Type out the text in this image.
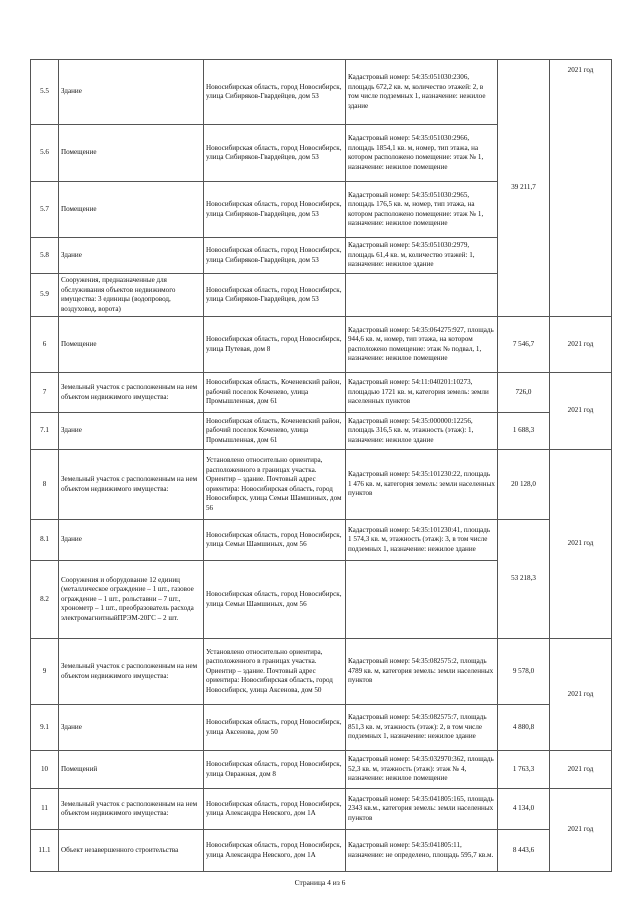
5.5	Здание	Новосибирская область, город Новосибирск, улица Сибиряков-Гвардейцев, дом 53	Кадастровый номер: 54:35:051030:2306, площадь 672,2 кв. м, количество этажей: 2, в том числе подземных 1, назначение: нежилое здание	39 211,7	2021 год
5.6	Помещение	Новосибирская область, город Новосибирск, улица Сибиряков-Гвардейцев, дом 53	Кадастровый номер: 54:35:051030:2966, площадь 1854,1 кв. м, номер, тип этажа, на котором расположено помещение: этаж № 1, назначение: нежилое помещение		
5.7	Помещение	Новосибирская область, город Новосибирск, улица Сибиряков-Гвардейцев, дом 53	Кадастровый номер: 54:35:051030:2965, площадь 176,5 кв. м, номер, тип этажа, на котором расположено помещение: этаж № 1, назначение: нежилое помещение		
5.8	Здание	Новосибирская область, город Новосибирск, улица Сибиряков-Гвардейцев, дом 53	Кадастровый номер: 54:35:051030:2979, площадь 61,4 кв. м, количество этажей: 1, назначение: нежилое здание		
5.9	Сооружения, предназначенные для обслуживания объектов недвижимого имущества: 3 единицы (водопровод, воздуховод, ворота)	Новосибирская область, город Новосибирск, улица Сибиряков-Гвардейцев, дом 53			
6	Помещение	Новосибирская область, город Новосибирск, улица Путевая, дом 8	Кадастровый номер: 54:35:064275:927, площадь 944,6 кв. м, номер, тип этажа, на котором расположено помещение: этаж № подвал, 1, назначение: нежилое помещение	7 546,7	2021 год
7	Земельный участок с расположенным на нем объектом недвижимого имущества:	Новосибирская область, Коченевский район, рабочий поселок Коченево, улица Промышленная, дом 61	Кадастровый номер: 54:11:040201:10273, площадью 1721 кв. м, категория земель: земли населенных пунктов	726,0	2021 год
7.1	Здание	Новосибирская область, Коченевский район, рабочий поселок Коченево, улица Промышленная, дом 61	Кадастровый номер: 54:35:000000:12256, площадь 316,5 кв. м, этажность (этаж): 1, назначение: нежилое здание	1 688,3	
8	Земельный участок с расположенным на нем объектом недвижимого имущества:	Установлено относительно ориентира, расположенного в границах участка. Ориентир – здание. Почтовый адрес ориентира: Новосибирская область, город Новосибирск, улица Семьи Шамшиных, дом 56	Кадастровый номер: 54:35:101230:22, площадь 1 476 кв. м, категория земель: земли населенных пунктов	20 128,0	2021 год
8.1	Здание	Новосибирская область, город Новосибирск, улица Семьи Шамшиных, дом 56	Кадастровый номер: 54:35:101230:41, площадь 1 574,3 кв. м, этажность (этаж): 3, в том числе подземных 1, назначение: нежилое здание	53 218,3	
8.2	Сооружения и оборудование 12 единиц (металлическое ограждение – 1 шт., газовое ограждение – 1 шт., рольставни – 7 шт., хронометр – 1 шт., преобразователь расхода электромагнитныйПРЭМ-20ГС – 2 шт.	Новосибирская область, город Новосибирск, улица Семьи Шамшиных, дом 56			
9	Земельный участок с расположенным на нем объектом недвижимого имущества:	Установлено относительно ориентира, расположенного в границах участка. Ориентир – здание. Почтовый адрес ориентира: Новосибирская область, город Новосибирск, улица Аксенова, дом 50	Кадастровый номер: 54:35:082575:2, площадь 4789 кв. м, категория земель: земли населенных пунктов	9 578,0	2021 год
9.1	Здание	Новосибирская область, город Новосибирск, улица Аксенова, дом 50	Кадастровый номер: 54:35:082575:7, площадь 851,3 кв. м, этажность (этаж): 2, в том числе подземных 1, назначение: нежилое здание	4 880,8	
10	Помещений	Новосибирская область, город Новосибирск, улица Овражная, дом 8	Кадастровый номер: 54:35:032970:362, площадь 52,3 кв. м, этажность (этаж): этаж № 4, назначение: нежилое помещение	1 763,3	2021 год
11	Земельный участок с расположенным на нем объектом недвижимого имущества:	Новосибирская область, город Новосибирск, улица Александра Невского, дом 1А	Кадастровый номер: 54:35:041805:165, площадь 2343 кв.м., категория земель: земли населенных пунктов	4 134,0	2021 год
11.1	Объект незавершенного строительства	Новосибирская область, город Новосибирск, улица Александра Невского, дом 1А	Кадастровый номер: 54:35:041805:11, назначение: не определено, площадь 595,7 кв.м.	8 443,6	
Страница 4 из 6
